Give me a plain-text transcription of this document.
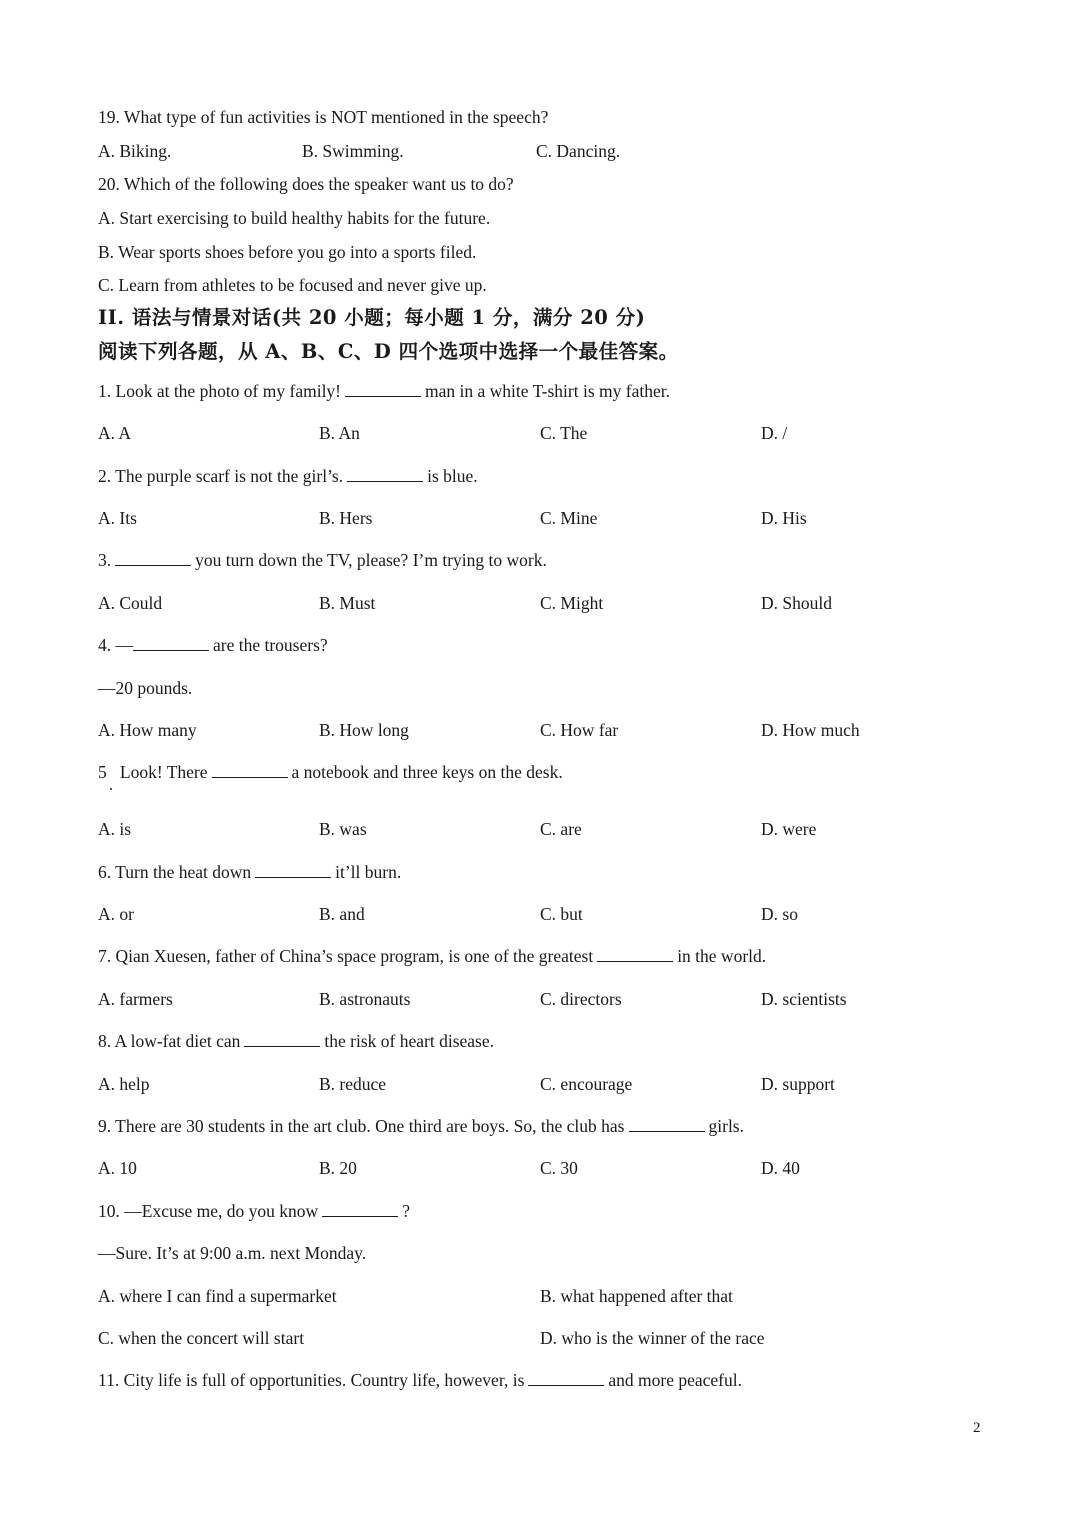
19. What type of fun activities is NOT mentioned in the speech?
A. Biking.	B. Swimming.	C. Dancing.
20. Which of the following does the speaker want us to do?
A. Start exercising to build healthy habits for the future.
B. Wear sports shoes before you go into a sports filed.
C. Learn from athletes to be focused and never give up.
II. 语法与情景对话(共 20 小题；每小题 1 分，满分 20 分)
阅读下列各题，从 A、B、C、D 四个选项中选择一个最佳答案。
1. Look at the photo of my family!	man in a white T-shirt is my father.
A. A	B. An	C. The	D. /
2. The purple scarf is not the girl’s.	is blue.
A. Its	B. Hers	C. Mine	D. His
3.	you turn down the TV, please? I’m trying to work.
A. Could	B. Must	C. Might	D. Should
4. —	are the trousers?
—20 pounds.
A. How many	B. How long	C. How far	D. How much
5   Look! There	a notebook and three keys on the desk.
A. is	B. was	C. are	D. were
6. Turn the heat down	it’ll burn.
A. or	B. and	C. but	D. so
7. Qian Xuesen, father of China’s space program, is one of the greatest	in the world.
A. farmers	B. astronauts	C. directors	D. scientists
8. A low-fat diet can	the risk of heart disease.
A. help	B. reduce	C. encourage	D. support
9. There are 30 students in the art club. One third are boys. So, the club has	girls.
A. 10	B. 20	C. 30	D. 40
10. —Excuse me, do you know	?
—Sure. It’s at 9:00 a.m. next Monday.
A. where I can find a supermarket	B. what happened after that
C. when the concert will start	D. who is the winner of the race
11. City life is full of opportunities. Country life, however, is	and more peaceful.
2
